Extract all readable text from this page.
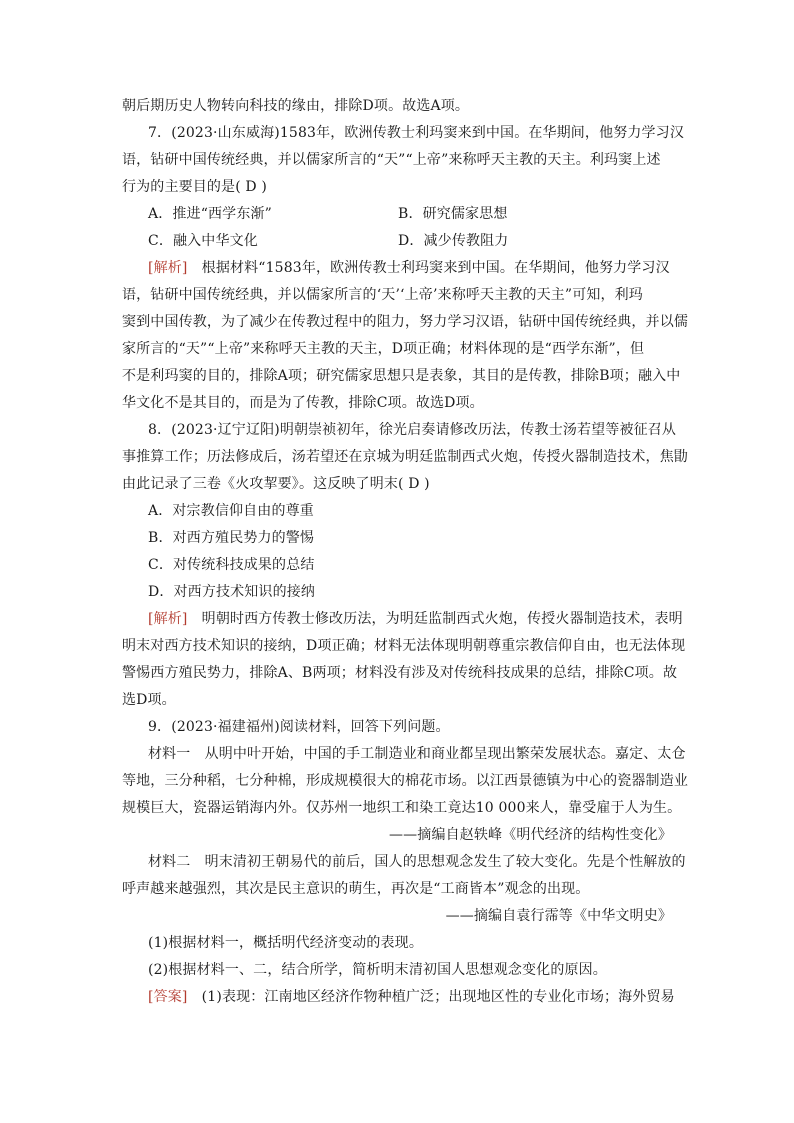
朝后期历史人物转向科技的缘由，排除D项。故选A项。
7．(2023·山东威海)1583年，欧洲传教士利玛窦来到中国。在华期间，他努力学习汉
语，钻研中国传统经典，并以儒家所言的“天”“上帝”来称呼天主教的天主。利玛窦上述
行为的主要目的是( D )
A．推进“西学东渐”	B．研究儒家思想
C．融入中华文化	D．减少传教阻力
[解析]　根据材料“1583年，欧洲传教士利玛窦来到中国。在华期间，他努力学习汉
语，钻研中国传统经典，并以儒家所言的‘天’‘上帝’来称呼天主教的天主”可知，利玛
窦到中国传教，为了减少在传教过程中的阻力，努力学习汉语，钻研中国传统经典，并以儒
家所言的“天”“上帝”来称呼天主教的天主，D项正确；材料体现的是“西学东渐”，但
不是利玛窦的目的，排除A项；研究儒家思想只是表象，其目的是传教，排除B项；融入中
华文化不是其目的，而是为了传教，排除C项。故选D项。
8．(2023·辽宁辽阳)明朝崇祯初年，徐光启奏请修改历法，传教士汤若望等被征召从
事推算工作；历法修成后，汤若望还在京城为明廷监制西式火炮，传授火器制造技术，焦勖
由此记录了三卷《火攻挈要》。这反映了明末( D )
A．对宗教信仰自由的尊重
B．对西方殖民势力的警惕
C．对传统科技成果的总结
D．对西方技术知识的接纳
[解析]　明朝时西方传教士修改历法，为明廷监制西式火炮，传授火器制造技术，表明
明末对西方技术知识的接纳，D项正确；材料无法体现明朝尊重宗教信仰自由，也无法体现
警惕西方殖民势力，排除A、B两项；材料没有涉及对传统科技成果的总结，排除C项。故
选D项。
9．(2023·福建福州)阅读材料，回答下列问题。
材料一　从明中叶开始，中国的手工制造业和商业都呈现出繁荣发展状态。嘉定、太仓
等地，三分种稻，七分种棉，形成规模很大的棉花市场。以江西景德镇为中心的瓷器制造业
规模巨大，瓷器运销海内外。仅苏州一地织工和染工竟达10 000来人，靠受雇于人为生。
——摘编自赵轶峰《明代经济的结构性变化》
材料二　明末清初王朝易代的前后，国人的思想观念发生了较大变化。先是个性解放的
呼声越来越强烈，其次是民主意识的萌生，再次是“工商皆本”观念的出现。
——摘编自袁行霈等《中华文明史》
(1)根据材料一，概括明代经济变动的表现。
(2)根据材料一、二，结合所学，简析明末清初国人思想观念变化的原因。
[答案]　(1)表现：江南地区经济作物种植广泛；出现地区性的专业化市场；海外贸易
